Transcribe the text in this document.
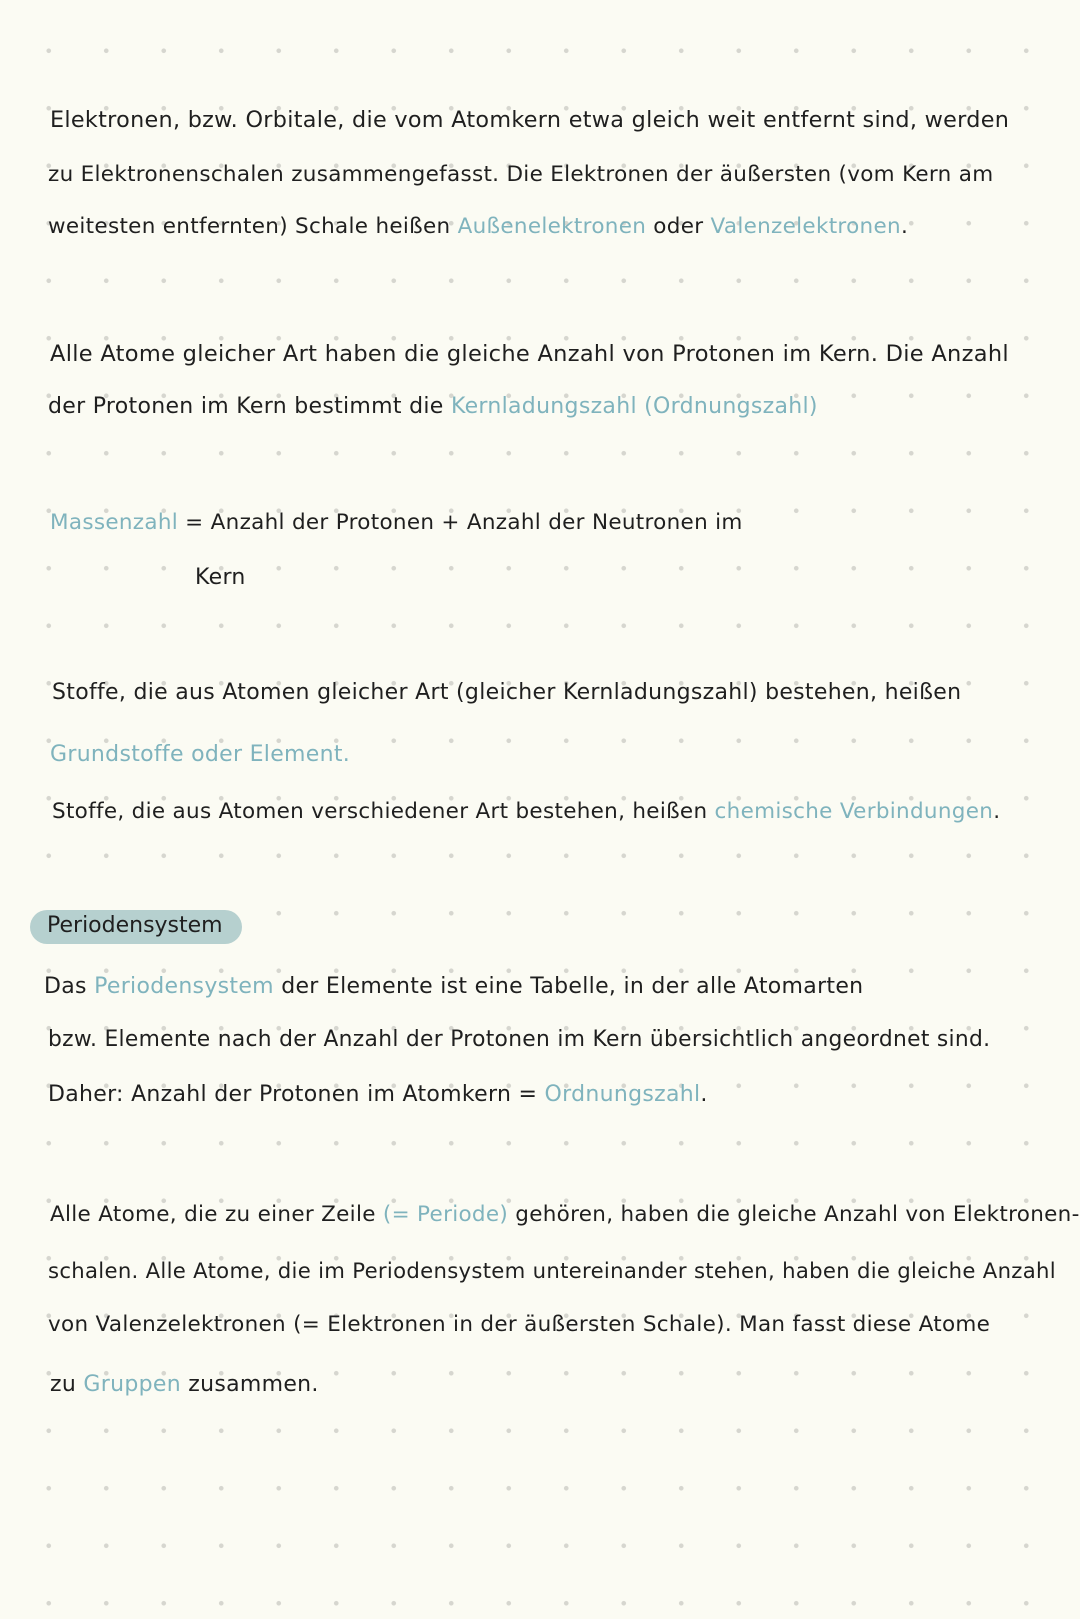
Elektronen, bzw. Orbitale, die vom Atomkern etwa gleich weit entfernt sind, werden
zu Elektronenschalen zusammengefasst. Die Elektronen der äußersten (vom Kern am
weitesten entfernten) Schale heißen Außenelektronen oder Valenzelektronen.
Alle Atome gleicher Art haben die gleiche Anzahl von Protonen im Kern. Die Anzahl
der Protonen im Kern bestimmt die Kernladungszahl (Ordnungszahl)
Massenzahl = Anzahl der Protonen + Anzahl der Neutronen im
Kern
Stoffe, die aus Atomen gleicher Art (gleicher Kernladungszahl) bestehen, heißen
Grundstoffe oder Element.
Stoffe, die aus Atomen verschiedener Art bestehen, heißen chemische Verbindungen.
Periodensystem
Das Periodensystem der Elemente ist eine Tabelle, in der alle Atomarten
bzw. Elemente nach der Anzahl der Protonen im Kern übersichtlich angeordnet sind.
Daher: Anzahl der Protonen im Atomkern = Ordnungszahl.
Alle Atome, die zu einer Zeile (= Periode) gehören, haben die gleiche Anzahl von Elektronen-
schalen. Alle Atome, die im Periodensystem untereinander stehen, haben die gleiche Anzahl
von Valenzelektronen (= Elektronen in der äußersten Schale). Man fasst diese Atome
zu Gruppen zusammen.
